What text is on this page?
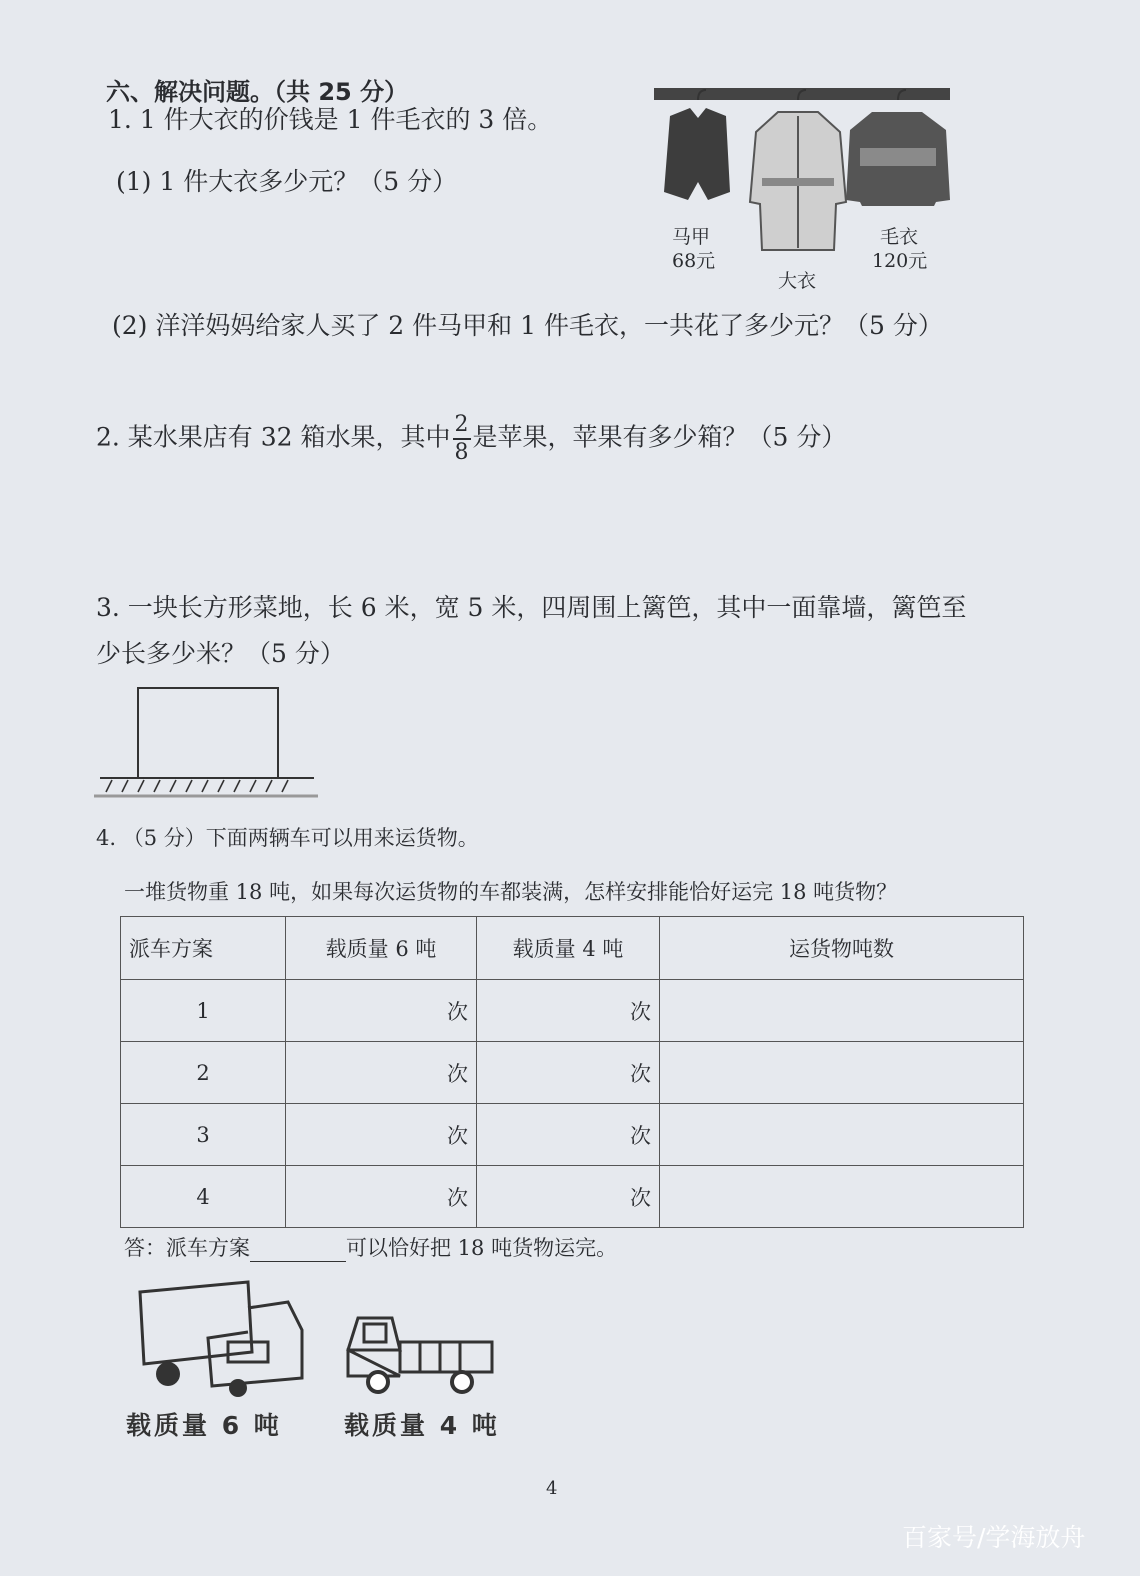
六、解决问题。（共 25 分）
1. 1 件大衣的价钱是 1 件毛衣的 3 倍。
(1) 1 件大衣多少元？（5 分）
马甲
68元
大衣
毛衣
120元
(2) 洋洋妈妈给家人买了 2 件马甲和 1 件毛衣，一共花了多少元？（5 分）
2. 某水果店有 32 箱水果，其中 $\frac{2}{8}$ 是苹果，苹果有多少箱？（5 分）
3. 一块长方形菜地，长 6 米，宽 5 米，四周围上篱笆，其中一面靠墙，篱笆至
少长多少米？（5 分）
4. （5 分）下面两辆车可以用来运货物。
一堆货物重 18 吨，如果每次运货物的车都装满，怎样安排能恰好运完 18 吨货物？
派车方案	载质量 6 吨	载质量 4 吨	运货物吨数
1	次	次	
2	次	次	
3	次	次	
4	次	次	
答：派车方案	可以恰好把 18 吨货物运完。
载质量 6 吨 载质量 4 吨
4
百家号/学海放舟
